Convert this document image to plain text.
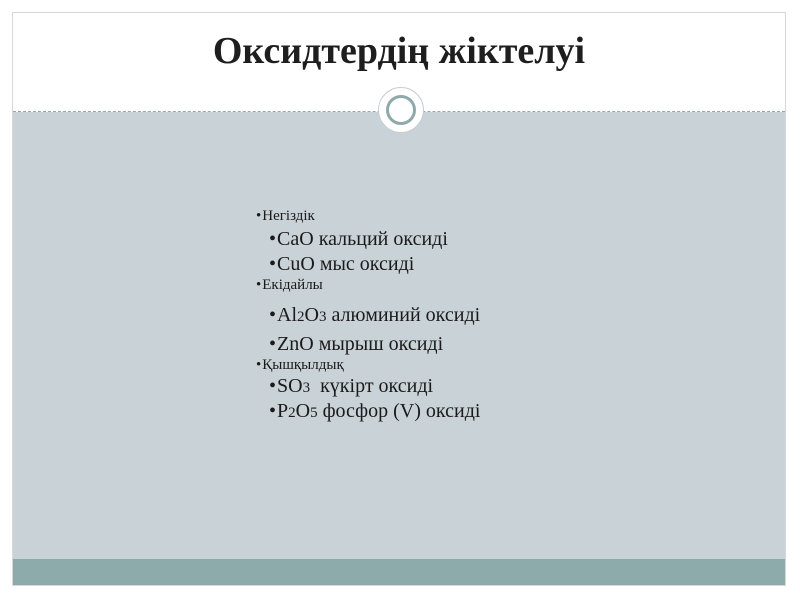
Оксидтердің жіктелуі
•Негіздік
•CaO кальций оксиді
•CuO мыс оксиді
•Екідайлы
•Al2O3 алюминий оксиді
•ZnO мырыш оксиді
•Қышқылдық
•SO3  күкірт оксиді
•P2O5 фосфор (V) оксиді
